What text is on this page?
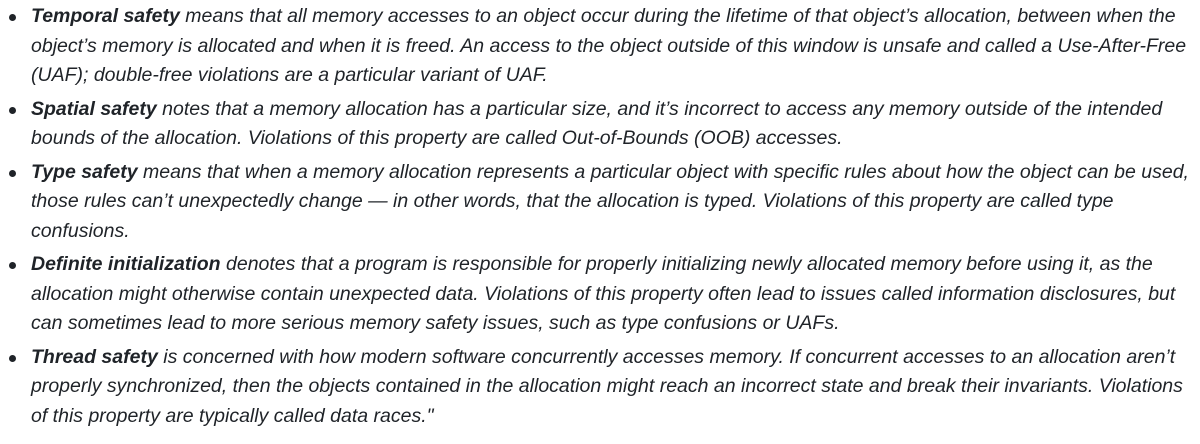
Temporal safety means that all memory accesses to an object occur during the lifetime of that object’s allocation, between when the object’s memory is allocated and when it is freed. An access to the object outside of this window is unsafe and called a Use-After-Free (UAF); double-free violations are a particular variant of UAF.
Spatial safety notes that a memory allocation has a particular size, and it’s incorrect to access any memory outside of the intended bounds of the allocation. Violations of this property are called Out-of-Bounds (OOB) accesses.
Type safety means that when a memory allocation represents a particular object with specific rules about how the object can be used, those rules can’t unexpectedly change — in other words, that the allocation is typed. Violations of this property are called type confusions.
Definite initialization denotes that a program is responsible for properly initializing newly allocated memory before using it, as the allocation might otherwise contain unexpected data. Violations of this property often lead to issues called information disclosures, but can sometimes lead to more serious memory safety issues, such as type confusions or UAFs.
Thread safety is concerned with how modern software concurrently accesses memory. If concurrent accesses to an allocation aren’t properly synchronized, then the objects contained in the allocation might reach an incorrect state and break their invariants. Violations of this property are typically called data races."
